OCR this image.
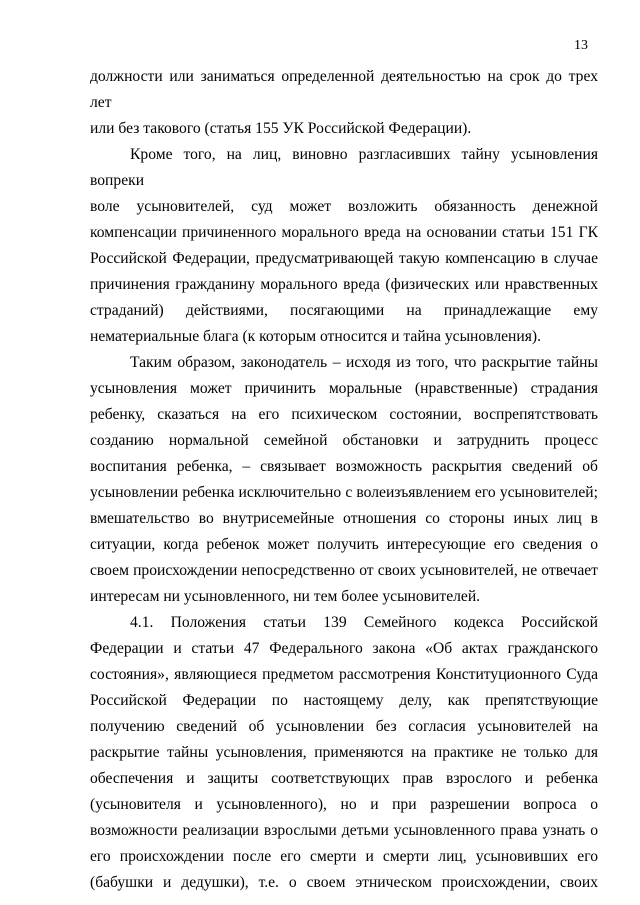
13

должности или заниматься определенной деятельностью на срок до трех лет
или без такового (статья 155 УК Российской Федерации).

Кроме того, на лиц, виновно разгласивших тайну усыновления вопреки
воле усыновителей, суд может возложить обязанность денежной
компенсации причиненного морального вреда на основании статьи 151 ГК
Российской Федерации, предусматривающей такую компенсацию в случае
причинения гражданину морального вреда (физических или нравственных
страданий) действиями, посягающими на принадлежащие ему
нематериальные блага (к которым относится и тайна усыновления).

Таким образом, законодатель – исходя из того, что раскрытие тайны
усыновления может причинить моральные (нравственные) страдания
ребенку, сказаться на его психическом состоянии, воспрепятствовать
созданию нормальной семейной обстановки и затруднить процесс
воспитания ребенка, – связывает возможность раскрытия сведений об
усыновлении ребенка исключительно с волеизъявлением его усыновителей;
вмешательство во внутрисемейные отношения со стороны иных лиц в
ситуации, когда ребенок может получить интересующие его сведения о
своем происхождении непосредственно от своих усыновителей, не отвечает
интересам ни усыновленного, ни тем более усыновителей.

4.1. Положения статьи 139 Семейного кодекса Российской
Федерации и статьи 47 Федерального закона «Об актах гражданского
состояния», являющиеся предметом рассмотрения Конституционного Суда
Российской Федерации по настоящему делу, как препятствующие
получению сведений об усыновлении без согласия усыновителей на
раскрытие тайны усыновления, применяются на практике не только для
обеспечения и защиты соответствующих прав взрослого и ребенка
(усыновителя и усыновленного), но и при разрешении вопроса о
возможности реализации взрослыми детьми усыновленного права узнать о
его происхождении после его смерти и смерти лиц, усыновивших его
(бабушки и дедушки), т.е. о своем этническом происхождении, своих
